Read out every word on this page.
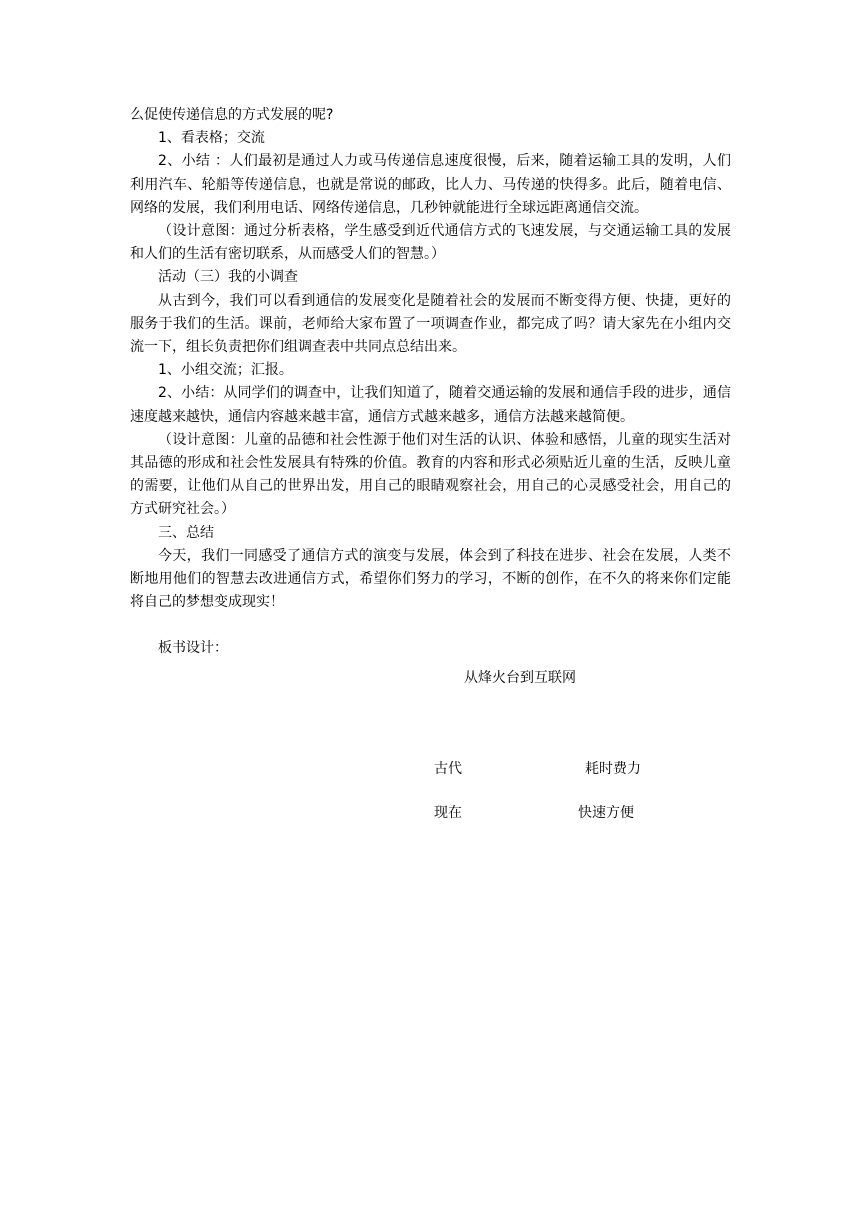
么促使传递信息的方式发展的呢?

1、看表格；交流

2、小结 ：人们最初是通过人力或马传递信息速度很慢，后来，随着运输工具的发明，人们利用汽车、轮船等传递信息，也就是常说的邮政，比人力、马传递的快得多。此后，随着电信、网络的发展，我们利用电话、网络传递信息，几秒钟就能进行全球远距离通信交流。

（设计意图：通过分析表格，学生感受到近代通信方式的飞速发展，与交通运输工具的发展和人们的生活有密切联系，从而感受人们的智慧。）

活动（三）我的小调查

从古到今，我们可以看到通信的发展变化是随着社会的发展而不断变得方便、快捷，更好的服务于我们的生活。课前，老师给大家布置了一项调查作业，都完成了吗？请大家先在小组内交流一下，组长负责把你们组调查表中共同点总结出来。

1、小组交流；汇报。

2、小结：从同学们的调查中，让我们知道了，随着交通运输的发展和通信手段的进步，通信速度越来越快，通信内容越来越丰富，通信方式越来越多，通信方法越来越简便。

（设计意图：儿童的品德和社会性源于他们对生活的认识、体验和感悟，儿童的现实生活对其品德的形成和社会性发展具有特殊的价值。教育的内容和形式必须贴近儿童的生活，反映儿童的需要，让他们从自己的世界出发，用自己的眼睛观察社会，用自己的心灵感受社会，用自己的方式研究社会。）

三、总结

今天，我们一同感受了通信方式的演变与发展，体会到了科技在进步、社会在发展，人类不断地用他们的智慧去改进通信方式，希望你们努力的学习，不断的创作，在不久的将来你们定能将自己的梦想变成现实！

板书设计：

从烽火台到互联网
古代	耗时费力
现在	快速方便
